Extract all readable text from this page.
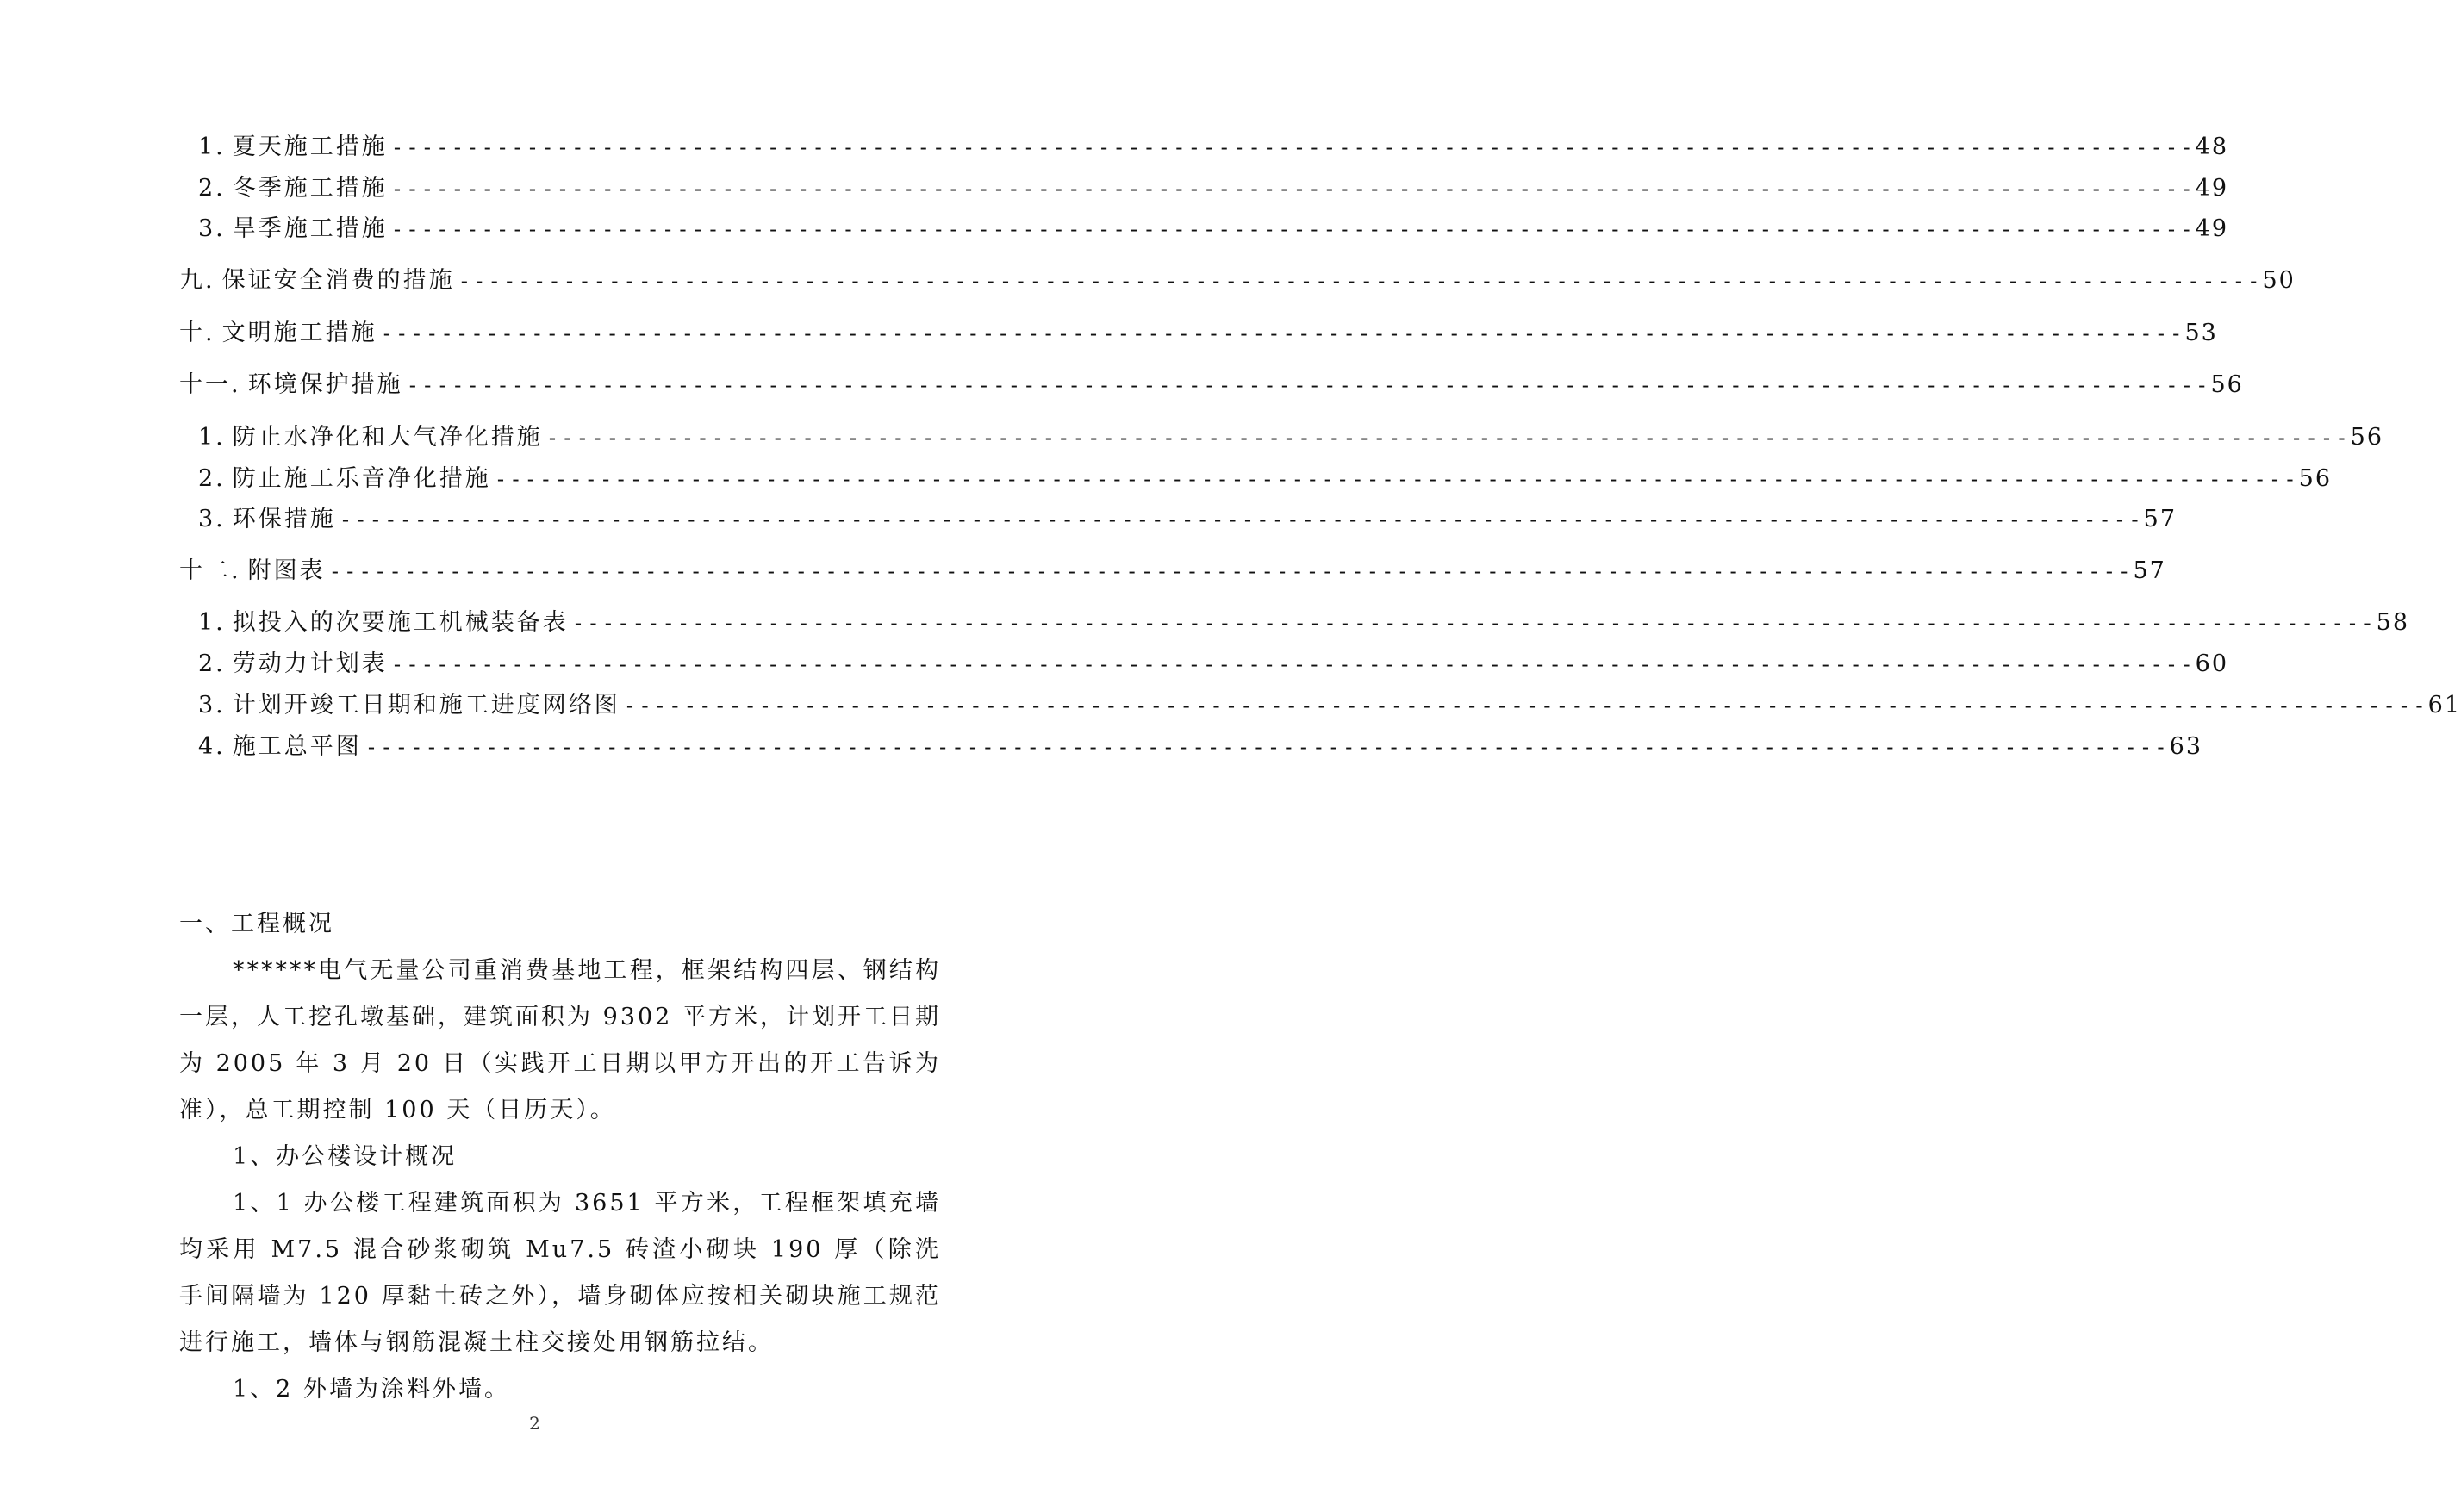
1. 夏天施工措施 ------------------------------------------------------------------------------------------------------------------------ 48
2. 冬季施工措施 ------------------------------------------------------------------------------------------------------------------------ 49
3. 旱季施工措施 ------------------------------------------------------------------------------------------------------------------------ 49
九. 保证安全消费的措施 ------------------------------------------------------------------------------------------------------------------------ 50
十. 文明施工措施 ------------------------------------------------------------------------------------------------------------------------ 53
十一. 环境保护措施 ------------------------------------------------------------------------------------------------------------------------ 56
1. 防止水净化和大气净化措施 ------------------------------------------------------------------------------------------------------------------------ 56
2. 防止施工乐音净化措施 ------------------------------------------------------------------------------------------------------------------------ 56
3. 环保措施 ------------------------------------------------------------------------------------------------------------------------ 57
十二. 附图表 ------------------------------------------------------------------------------------------------------------------------ 57
1. 拟投入的次要施工机械装备表 ------------------------------------------------------------------------------------------------------------------------ 58
2. 劳动力计划表 ------------------------------------------------------------------------------------------------------------------------ 60
3. 计划开竣工日期和施工进度网络图 ------------------------------------------------------------------------------------------------------------------------ 61
4. 施工总平图 ------------------------------------------------------------------------------------------------------------------------ 63
一、工程概况

******电气无量公司重消费基地工程，框架结构四层、钢结构一层，人工挖孔墩基础，建筑面积为 9302 平方米，计划开工日期为 2005 年 3 月 20 日（实践开工日期以甲方开出的开工告诉为准），总工期控制 100 天（日历天）。

1、办公楼设计概况

1、1 办公楼工程建筑面积为 3651 平方米，工程框架填充墙均采用 M7.5 混合砂浆砌筑 Mu7.5 砖渣小砌块 190 厚（除洗手间隔墙为 120 厚黏土砖之外），墙身砌体应按相关砌块施工规范进行施工，墙体与钢筋混凝土柱交接处用钢筋拉结。

1、2 外墙为涂料外墙。

2
